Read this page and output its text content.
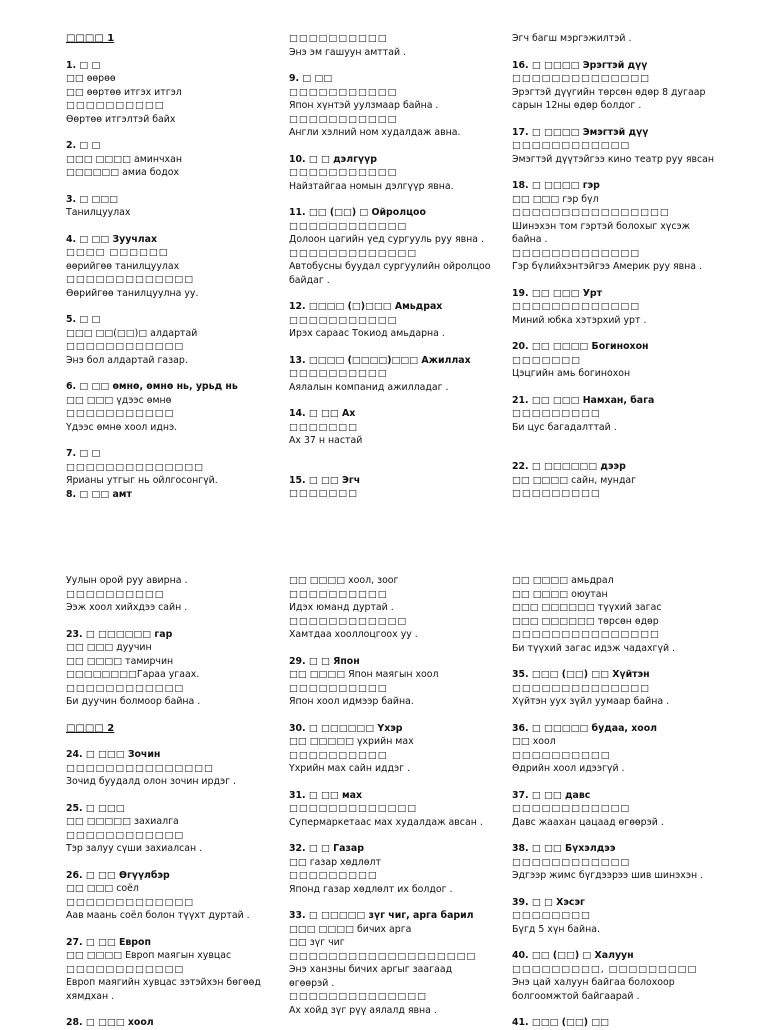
□□□□ 1
1. □ □
□□ өөрөө
□□ өөртөө итгэх итгэл
□□□□□□□□□□
Өөртөө итгэлтэй байх
2. □ □
□□□ □□□□ аминчхан
□□□□□□ амиа бодох
3. □ □□□
Танилцуулах
4. □ □□ Зуучлах
□□□□ □□□□□□
өөрийгөө танилцуулах
□□□□□□□□□□□□□
Өөрийгөө танилцуулна уу.
5. □ □
□□□ □□(□□)□ алдартай
□□□□□□□□□□□□
Энэ бол алдартай газар.
6. □ □□ өмнө, өмнө нь, урьд нь
□□ □□□ үдээс өмнө
□□□□□□□□□□□
Үдээс өмнө хоол иднэ.
7. □ □
□□□□□□□□□□□□□□
Ярианы утгыг нь ойлгосонгүй.
8. □ □□ амт
□□□□□□□□□□
Энэ эм гашуун амттай .
9. □ □□
□□□□□□□□□□□
Япон хүнтэй уулзмаар байна .
□□□□□□□□□□□
Англи хэлний ном худалдаж авна.
10. □ □ дэлгүүр
□□□□□□□□□□□
Найзтайгаа номын дэлгүүр явна.
11. □□ (□□) □ Ойролцоо
□□□□□□□□□□□□
Долоон цагийн үед сургууль руу явна .
□□□□□□□□□□□□□
Автобусны буудал сургуулийн ойролцоо
байдаг .
12. □□□□ (□)□□□ Амьдрах
□□□□□□□□□□□
Ирэх сараас Токиод амьдарна .
13. □□□□ (□□□□)□□□ Ажиллах
□□□□□□□□□□
Аялалын компанид ажилладаг .
14. □ □□ Ах
□□□□□□□
Ах 37 н настай
15. □ □□ Эгч
□□□□□□□
Эгч багш мэргэжилтэй .
16. □ □□□□ Эрэгтэй дүү
□□□□□□□□□□□□□□
Эрэгтэй дүүгийн төрсөн өдөр 8 дугаар
сарын 12ны өдөр болдог .
17. □ □□□□ Эмэгтэй дүү
□□□□□□□□□□□□
Эмэгтэй дүүтэйгээ кино театр руу явсан
18. □ □□□□ гэр
□□ □□□ гэр бүл
□□□□□□□□□□□□□□□□
Шинэхэн том гэртэй болохыг хүсэж
байна .
□□□□□□□□□□□□□
Гэр бүлийхэнтэйгээ Америк руу явна .
19. □□ □□□ Урт
□□□□□□□□□□□□□
Миний юбка хэтэрхий урт .
20. □□ □□□□ Богинохон
□□□□□□□
Цэцгийн амь богинохон
21. □□ □□□ Намхан, бага
□□□□□□□□□
Би цус багадалттай .
22. □ □□□□□□ дээр
□□ □□□□ сайн, мундаг
□□□□□□□□□
Уулын орой руу авирна .
□□□□□□□□□□
Ээж хоол хийхдээ сайн .
23. □ □□□□□□ гар
□□ □□□ дуучин
□□ □□□□ тамирчин
□□□□□□□□Гараа угаах.
□□□□□□□□□□□□
Би дуучин болмоор байна .
□□□□ 2
24. □ □□□ Зочин
□□□□□□□□□□□□□□□
Зочид буудалд олон зочин ирдэг .
25. □ □□□
□□ □□□□□ захиалга
□□□□□□□□□□□□
Тэр залуу сүши захиалсан .
26. □ □□ Өгүүлбэр
□□ □□□ соёл
□□□□□□□□□□□□□
Аав маань соёл болон түүхт дуртай .
27. □ □□ Европ
□□ □□□□ Европ маягын хувцас
□□□□□□□□□□□□
Европ маягийн хувцас зэтэйхэн бөгөөд
хямдхан .
28. □ □□□ хоол
□□ □□□□ хоол, зоог
□□□□□□□□□□
Идэх юманд дуртай .
□□□□□□□□□□□□
Хамтдаа хооллоцгоох уу .
29. □ □ Япон
□□ □□□□ Япон маягын хоол
□□□□□□□□□□
Япон хоол идмээр байна.
30. □ □□□□□□ Үхэр
□□ □□□□□ үхрийн мах
□□□□□□□□□□
Үхрийн мах сайн иддэг .
31. □ □□ мах
□□□□□□□□□□□□□
Супермаркетаас мах худалдаж авсан .
32. □ □ Газар
□□ газар хөдлөлт
□□□□□□□□□
Японд газар хөдлөлт их болдог .
33. □ □□□□□ зүг чиг, арга барил
□□□ □□□□ бичих арга
□□ зүг чиг
□□□□□□□□□□□□□□□□□□□
Энэ ханзны бичих аргыг заагаад
өгөөрэй .
□□□□□□□□□□□□□□
Ах хойд зүг рүү аялалд явна .
□□ □□□□ амьдрал
□□ □□□□ оюутан
□□□ □□□□□□ түүхий загас
□□□ □□□□□□ төрсөн өдөр
□□□□□□□□□□□□□□□
Би түүхий загас идэж чадахгүй .
35. □□□ (□□) □□ Хүйтэн
□□□□□□□□□□□□□□
Хүйтэн уух зүйл уумаар байна .
36. □ □□□□□ будаа, хоол
□□ хоол
□□□□□□□□□□
Өдрийн хоол идээгүй .
37. □ □□ давс
□□□□□□□□□□□□
Давс жаахан цацаад өгөөрэй .
38. □ □□ Бүхэлдээ
□□□□□□□□□□□□
Эдгээр жимс бүгдээрээ шив шинэхэн .
39. □ □ Хэсэг
□□□□□□□□
Бүгд 5 хүн байна.
40. □□ (□□) □ Халуун
□□□□□□□□□, □□□□□□□□□
Энэ цай халуун байгаа болохоор
болгоомжтой байгаарай .
41. □□□ (□□) □□
